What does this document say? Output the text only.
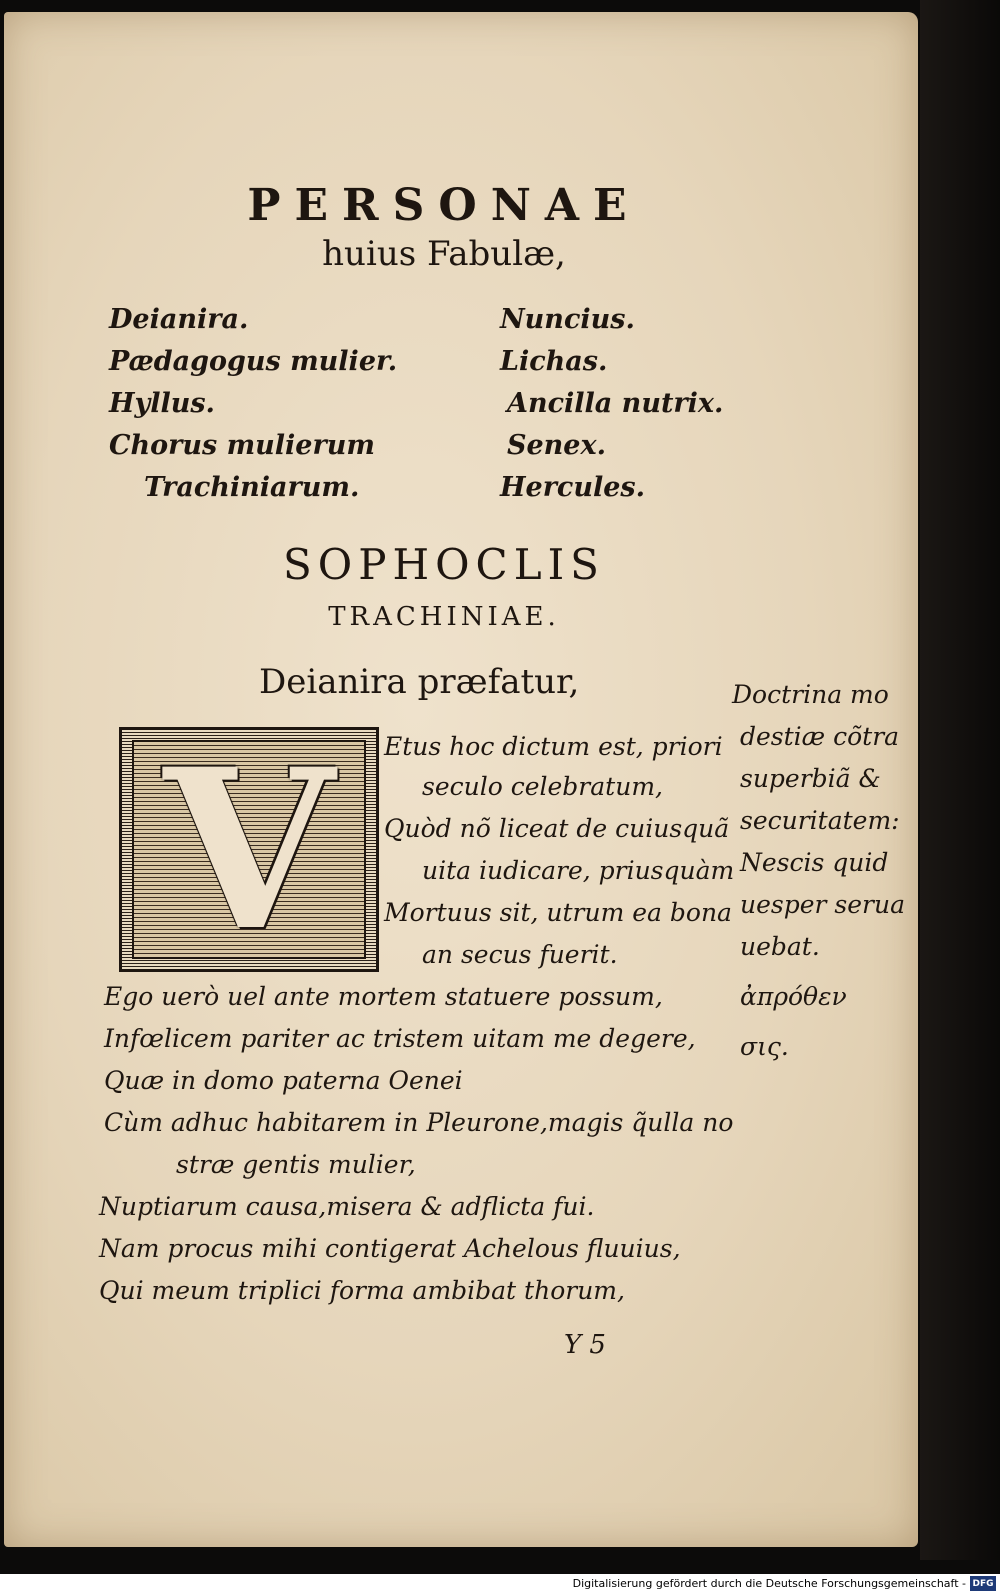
PERSONAE
huius Fabulæ,
Deianira.
Pædagogus mulier.
Hyllus.
Chorus mulierum
Trachiniarum.
Nuncius.
Lichas.
Ancilla nutrix.
Senex.
Hercules.
SOPHOCLIS
TRACHINIAE.
Deianira præfatur,
V	Etus hoc dictum est, priori
seculo celebratum,
Quòd nõ liceat de cuiusquã
uita iudicare, priusquàm
Mortuus sit, utrum ea bona
an secus fuerit.
Ego uerò uel ante mortem statuere possum,
Infœlicem pariter ac tristem uitam me degere,
Quæ in domo paterna Oenei
Cùm adhuc habitarem in Pleurone,magis q̃ulla no
stræ gentis mulier,
Nuptiarum causa,misera & adflicta fui.
Nam procus mihi contigerat Achelous fluuius,
Qui meum triplici forma ambibat thorum,
Doctrina mo
destiæ cõtra
superbiã &
securitatem:
Nescis quid
uesper serua
uebat.
ἀπρόθεν
σις.
Y 5
Digitalisierung gefördert durch die Deutsche Forschungsgemeinschaft - DFG
